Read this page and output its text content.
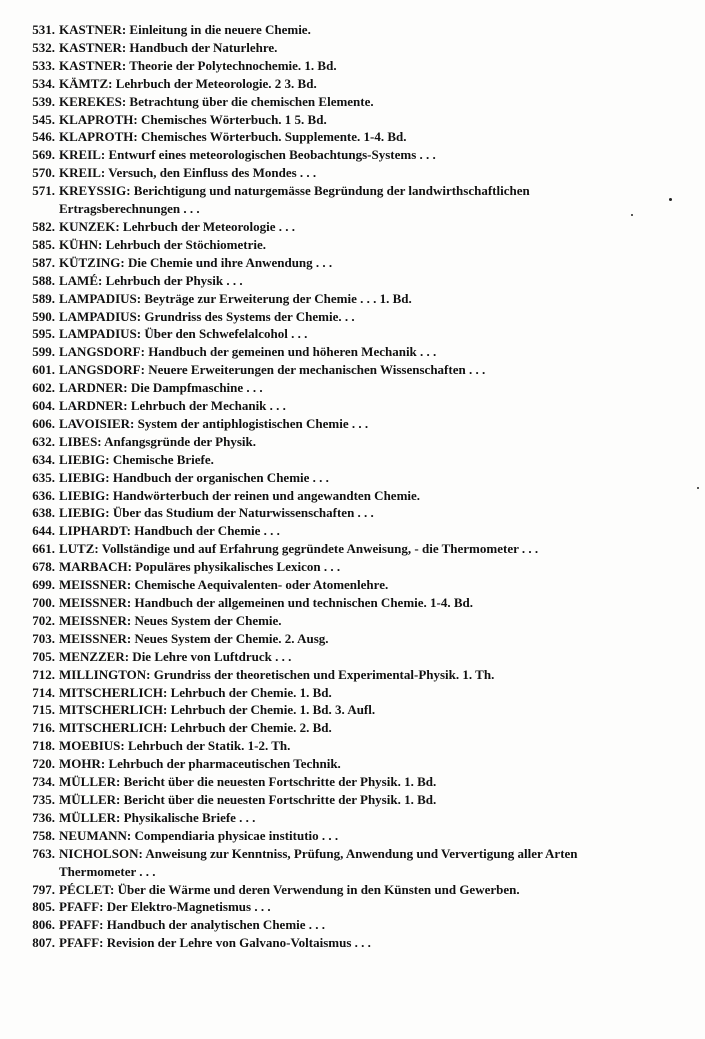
531. KASTNER: Einleitung in die neuere Chemie.
532. KASTNER: Handbuch der Naturlehre.
533. KASTNER: Theorie der Polytechnochemie. 1. Bd.
534. KÄMTZ: Lehrbuch der Meteorologie. 2 3. Bd.
539. KEREKES: Betrachtung über die chemischen Elemente.
545. KLAPROTH: Chemisches Wörterbuch. 1 5. Bd.
546. KLAPROTH: Chemisches Wörterbuch. Supplemente. 1-4. Bd.
569. KREIL: Entwurf eines meteorologischen Beobachtungs-Systems . . .
570. KREIL: Versuch, den Einfluss des Mondes . . .
571. KREYSSIG: Berichtigung und naturgemässe Begründung der landwirthschaftlichen
Ertragsberechnungen . . .
582. KUNZEK: Lehrbuch der Meteorologie . . .
585. KÜHN: Lehrbuch der Stöchiometrie.
587. KÜTZING: Die Chemie und ihre Anwendung . . .
588. LAMÉ: Lehrbuch der Physik . . .
589. LAMPADIUS: Beyträge zur Erweiterung der Chemie . . . 1. Bd.
590. LAMPADIUS: Grundriss des Systems der Chemie. . .
595. LAMPADIUS: Über den Schwefelalcohol . . .
599. LANGSDORF: Handbuch der gemeinen und höheren Mechanik . . .
601. LANGSDORF: Neuere Erweiterungen der mechanischen Wissenschaften . . .
602. LARDNER: Die Dampfmaschine . . .
604. LARDNER: Lehrbuch der Mechanik . . .
606. LAVOISIER: System der antiphlogistischen Chemie . . .
632. LIBES: Anfangsgründe der Physik.
634. LIEBIG: Chemische Briefe.
635. LIEBIG: Handbuch der organischen Chemie . . .
636. LIEBIG: Handwörterbuch der reinen und angewandten Chemie.
638. LIEBIG: Über das Studium der Naturwissenschaften . . .
644. LIPHARDT: Handbuch der Chemie . . .
661. LUTZ: Vollständige und auf Erfahrung gegründete Anweisung, - die Thermometer . . .
678. MARBACH: Populäres physikalisches Lexicon . . .
699. MEISSNER: Chemische Aequivalenten- oder Atomenlehre.
700. MEISSNER: Handbuch der allgemeinen und technischen Chemie. 1-4. Bd.
702. MEISSNER: Neues System der Chemie.
703. MEISSNER: Neues System der Chemie. 2. Ausg.
705. MENZZER: Die Lehre von Luftdruck . . .
712. MILLINGTON: Grundriss der theoretischen und Experimental-Physik. 1. Th.
714. MITSCHERLICH: Lehrbuch der Chemie. 1. Bd.
715. MITSCHERLICH: Lehrbuch der Chemie. 1. Bd. 3. Aufl.
716. MITSCHERLICH: Lehrbuch der Chemie. 2. Bd.
718. MOEBIUS: Lehrbuch der Statik. 1-2. Th.
720. MOHR: Lehrbuch der pharmaceutischen Technik.
734. MÜLLER: Bericht über die neuesten Fortschritte der Physik. 1. Bd.
735. MÜLLER: Bericht über die neuesten Fortschritte der Physik. 1. Bd.
736. MÜLLER: Physikalische Briefe . . .
758. NEUMANN: Compendiaria physicae institutio . . .
763. NICHOLSON: Anweisung zur Kenntniss, Prüfung, Anwendung und Ververtigung aller Arten
Thermometer . . .
797. PÉCLET: Über die Wärme und deren Verwendung in den Künsten und Gewerben.
805. PFAFF: Der Elektro-Magnetismus . . .
806. PFAFF: Handbuch der analytischen Chemie . . .
807. PFAFF: Revision der Lehre von Galvano-Voltaismus . . .
